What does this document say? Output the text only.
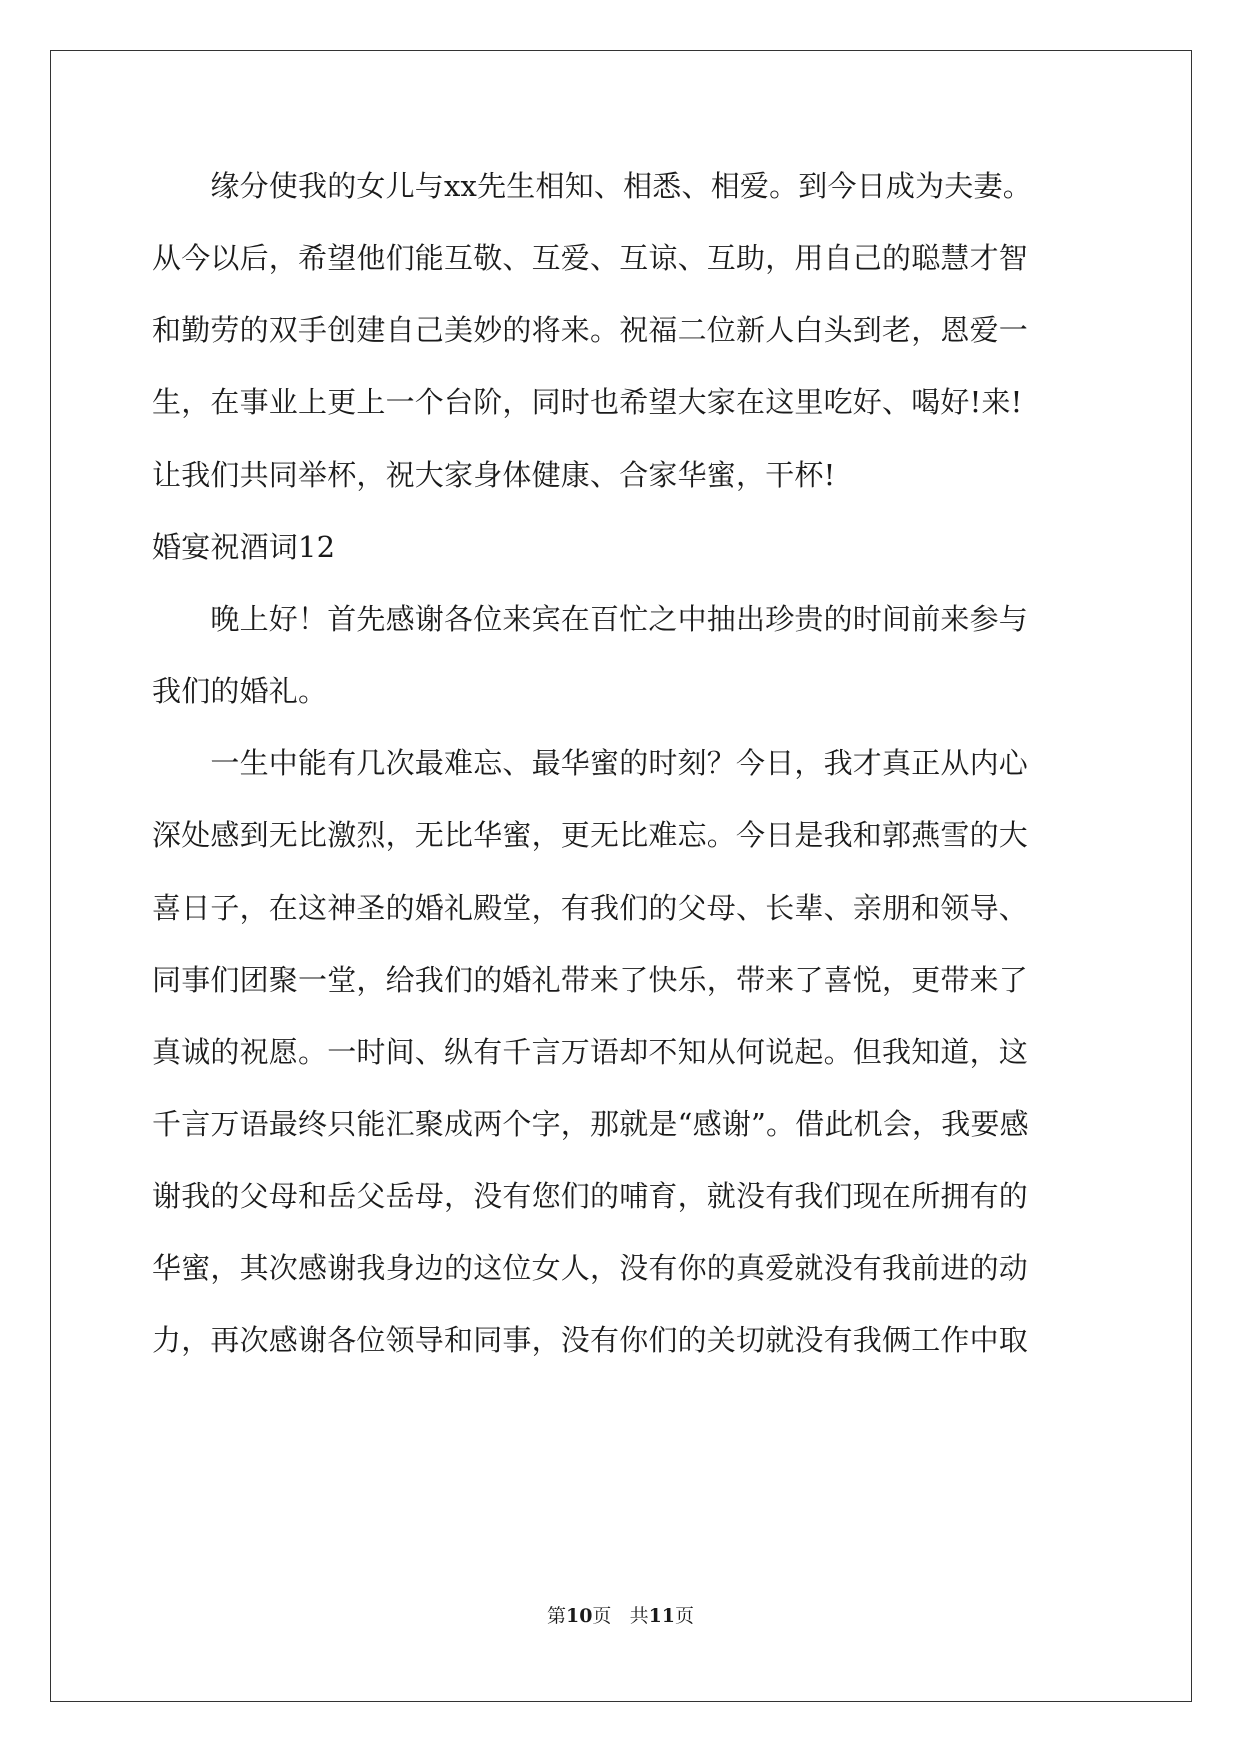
　　缘分使我的女儿与xx先生相知、相悉、相爱。到今日成为夫妻。
从今以后，希望他们能互敬、互爱、互谅、互助，用自己的聪慧才智
和勤劳的双手创建自己美妙的将来。祝福二位新人白头到老，恩爱一
生，在事业上更上一个台阶，同时也希望大家在这里吃好、喝好!来!
让我们共同举杯，祝大家身体健康、合家华蜜，干杯!
婚宴祝酒词12
　　晚上好！首先感谢各位来宾在百忙之中抽出珍贵的时间前来参与
我们的婚礼。
　　一生中能有几次最难忘、最华蜜的时刻？今日，我才真正从内心
深处感到无比激烈，无比华蜜，更无比难忘。今日是我和郭燕雪的大
喜日子，在这神圣的婚礼殿堂，有我们的父母、长辈、亲朋和领导、
同事们团聚一堂，给我们的婚礼带来了快乐，带来了喜悦，更带来了
真诚的祝愿。一时间、纵有千言万语却不知从何说起。但我知道，这
千言万语最终只能汇聚成两个字，那就是“感谢”。借此机会，我要感
谢我的父母和岳父岳母，没有您们的哺育，就没有我们现在所拥有的
华蜜，其次感谢我身边的这位女人，没有你的真爱就没有我前进的动
力，再次感谢各位领导和同事，没有你们的关切就没有我俩工作中取
第10页 共11页
